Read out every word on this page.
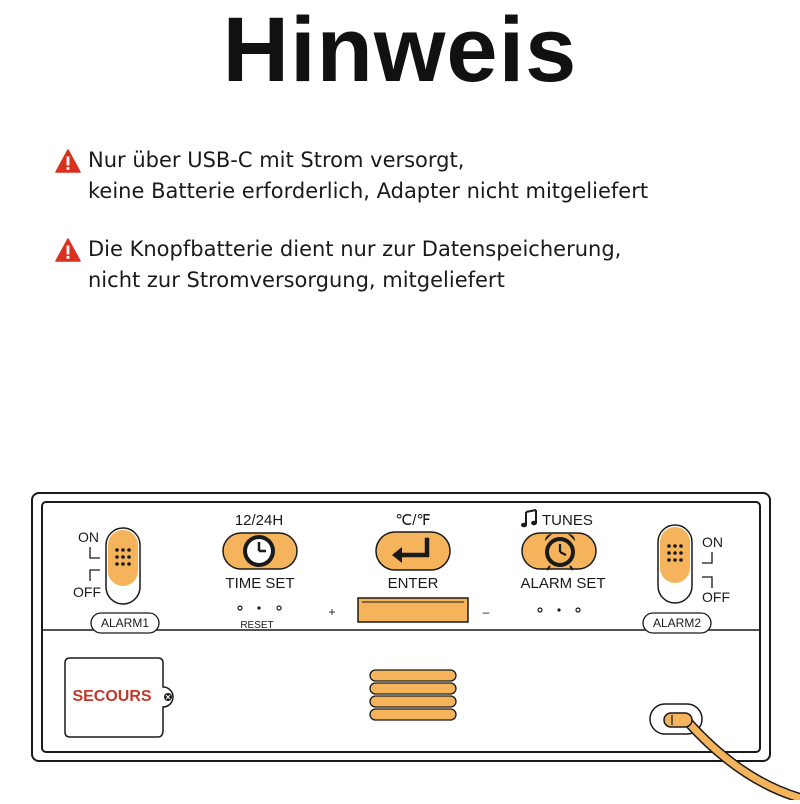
Hinweis
Nur über USB-C mit Strom versorgt,
keine Batterie erforderlich, Adapter nicht mitgeliefert
Die Knopfbatterie dient nur zur Datenspeicherung,
nicht zur Stromversorgung, mitgeliefert
ON
OFF
ALARM1
12/24H
TIME SET
RESET
℃/℉
ENTER
+	–
TUNES
ALARM SET
ON
OFF
ALARM2
SECOURS
